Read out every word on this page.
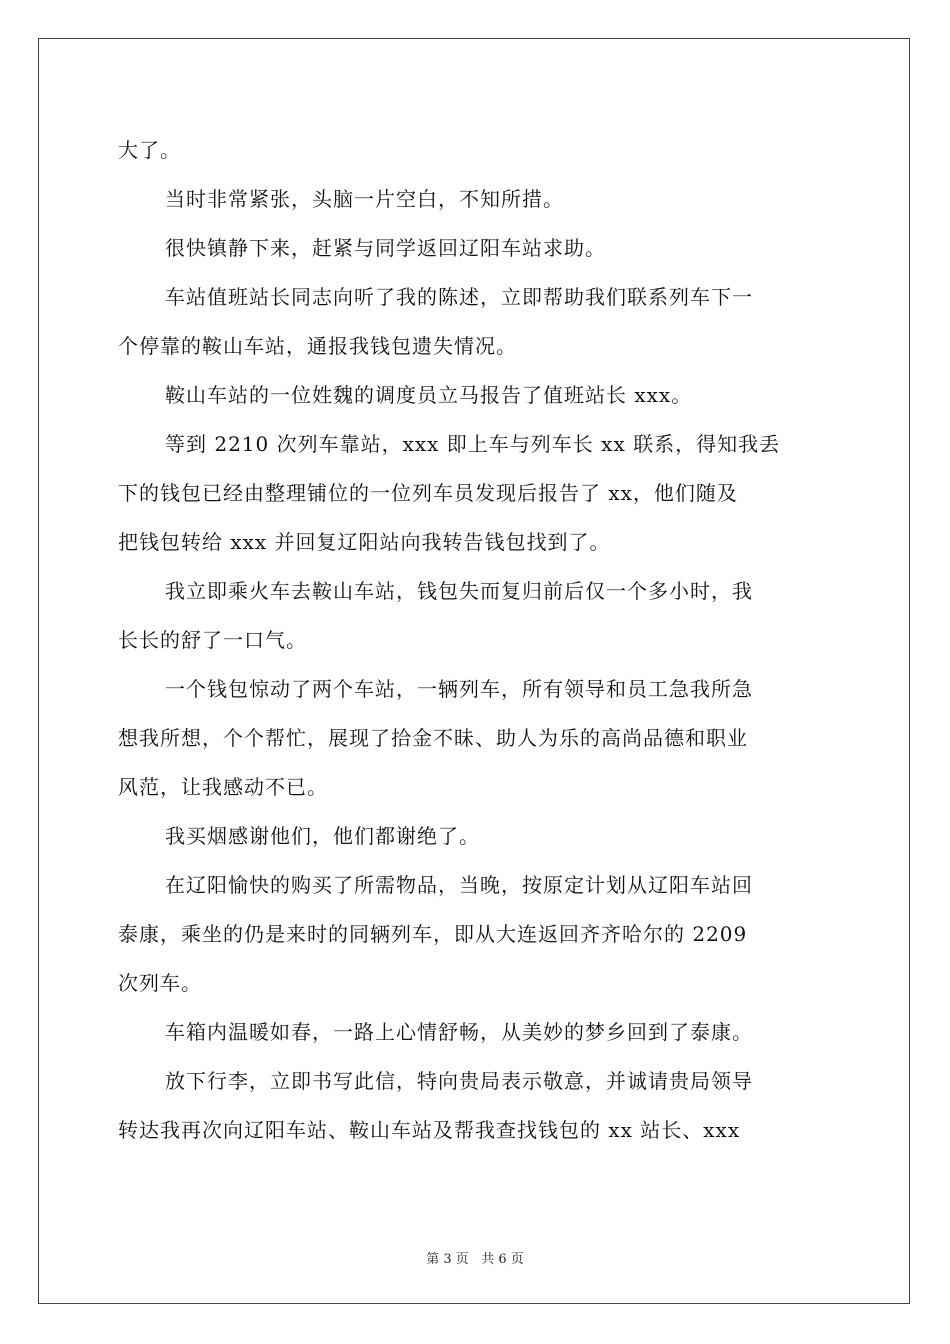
大了。
当时非常紧张，头脑一片空白，不知所措。
很快镇静下来，赶紧与同学返回辽阳车站求助。
车站值班站长同志向听了我的陈述，立即帮助我们联系列车下一
个停靠的鞍山车站，通报我钱包遗失情况。
鞍山车站的一位姓魏的调度员立马报告了值班站长 xxx。
等到 2210 次列车靠站，xxx 即上车与列车长 xx 联系，得知我丢
下的钱包已经由整理铺位的一位列车员发现后报告了 xx，他们随及
把钱包转给 xxx 并回复辽阳站向我转告钱包找到了。
我立即乘火车去鞍山车站，钱包失而复归前后仅一个多小时，我
长长的舒了一口气。
一个钱包惊动了两个车站，一辆列车，所有领导和员工急我所急
想我所想，个个帮忙，展现了拾金不昧、助人为乐的高尚品德和职业
风范，让我感动不已。
我买烟感谢他们，他们都谢绝了。
在辽阳愉快的购买了所需物品，当晚，按原定计划从辽阳车站回
泰康，乘坐的仍是来时的同辆列车，即从大连返回齐齐哈尔的 2209
次列车。
车箱内温暖如春，一路上心情舒畅，从美妙的梦乡回到了泰康。
放下行李，立即书写此信，特向贵局表示敬意，并诚请贵局领导
转达我再次向辽阳车站、鞍山车站及帮我查找钱包的 xx 站长、xxx
第 3 页   共 6 页
